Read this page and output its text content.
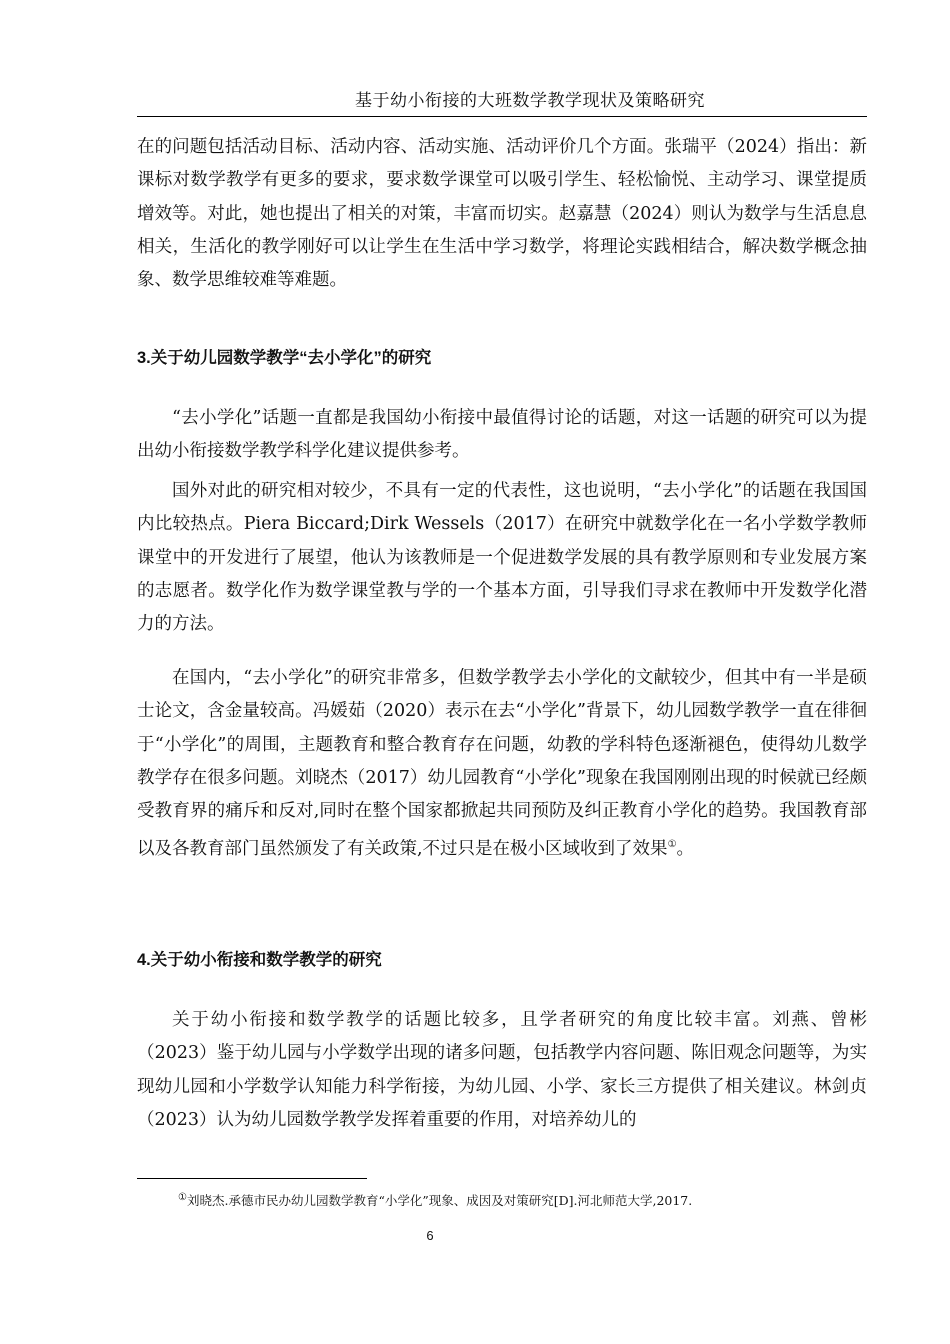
基于幼小衔接的大班数学教学现状及策略研究

在的问题包括活动目标、活动内容、活动实施、活动评价几个方面。张瑞平（2024）指出：新课标对数学教学有更多的要求，要求数学课堂可以吸引学生、轻松愉悦、主动学习、课堂提质增效等。对此，她也提出了相关的对策，丰富而切实。赵嘉慧（2024）则认为数学与生活息息相关，生活化的教学刚好可以让学生在生活中学习数学，将理论实践相结合，解决数学概念抽象、数学思维较难等难题。

3.关于幼儿园数学教学“去小学化”的研究

“去小学化”话题一直都是我国幼小衔接中最值得讨论的话题，对这一话题的研究可以为提出幼小衔接数学教学科学化建议提供参考。

国外对此的研究相对较少，不具有一定的代表性，这也说明，“去小学化”的话题在我国国内比较热点。Piera Biccard;Dirk Wessels（2017）在研究中就数学化在一名小学数学教师课堂中的开发进行了展望，他认为该教师是一个促进数学发展的具有教学原则和专业发展方案的志愿者。数学化作为数学课堂教与学的一个基本方面，引导我们寻求在教师中开发数学化潜力的方法。

在国内，“去小学化”的研究非常多，但数学教学去小学化的文献较少，但其中有一半是硕士论文，含金量较高。冯媛茹（2020）表示在去“小学化”背景下，幼儿园数学教学一直在徘徊于“小学化”的周围，主题教育和整合教育存在问题，幼教的学科特色逐渐褪色，使得幼儿数学教学存在很多问题。刘晓杰（2017）幼儿园教育“小学化”现象在我国刚刚出现的时候就已经颇受教育界的痛斥和反对,同时在整个国家都掀起共同预防及纠正教育小学化的趋势。我国教育部以及各教育部门虽然颁发了有关政策,不过只是在极小区域收到了效果①。

4.关于幼小衔接和数学教学的研究

关于幼小衔接和数学教学的话题比较多，且学者研究的角度比较丰富。刘燕、曾彬（2023）鉴于幼儿园与小学数学出现的诸多问题，包括教学内容问题、陈旧观念问题等，为实现幼儿园和小学数学认知能力科学衔接，为幼儿园、小学、家长三方提供了相关建议。林剑贞（2023）认为幼儿园数学教学发挥着重要的作用，对培养幼儿的

①刘晓杰.承德市民办幼儿园数学教育“小学化”现象、成因及对策研究[D].河北师范大学,2017.
6
